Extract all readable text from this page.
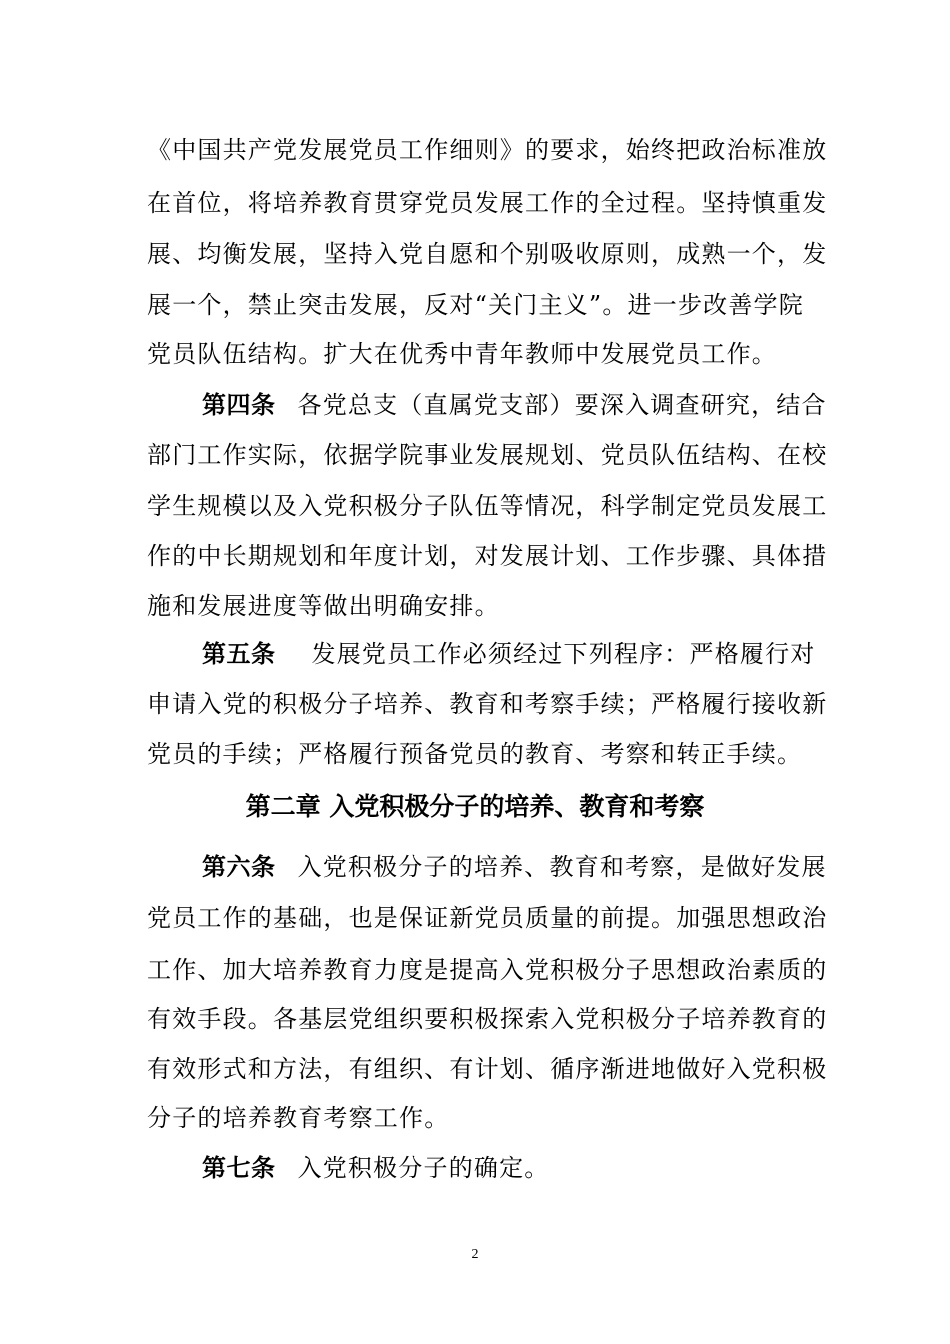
《中国共产党发展党员工作细则》的要求，始终把政治标准放
在首位，将培养教育贯穿党员发展工作的全过程。坚持慎重发
展、均衡发展，坚持入党自愿和个别吸收原则，成熟一个，发
展一个，禁止突击发展，反对“关门主义”。进一步改善学院
党员队伍结构。扩大在优秀中青年教师中发展党员工作。
第四条 各党总支（直属党支部）要深入调查研究，结合
部门工作实际，依据学院事业发展规划、党员队伍结构、在校
学生规模以及入党积极分子队伍等情况，科学制定党员发展工
作的中长期规划和年度计划，对发展计划、工作步骤、具体措
施和发展进度等做出明确安排。
第五条 发展党员工作必须经过下列程序：严格履行对
申请入党的积极分子培养、教育和考察手续；严格履行接收新
党员的手续；严格履行预备党员的教育、考察和转正手续。
第二章 入党积极分子的培养、教育和考察
第六条 入党积极分子的培养、教育和考察，是做好发展
党员工作的基础，也是保证新党员质量的前提。加强思想政治
工作、加大培养教育力度是提高入党积极分子思想政治素质的
有效手段。各基层党组织要积极探索入党积极分子培养教育的
有效形式和方法，有组织、有计划、循序渐进地做好入党积极
分子的培养教育考察工作。
第七条 入党积极分子的确定。
2
